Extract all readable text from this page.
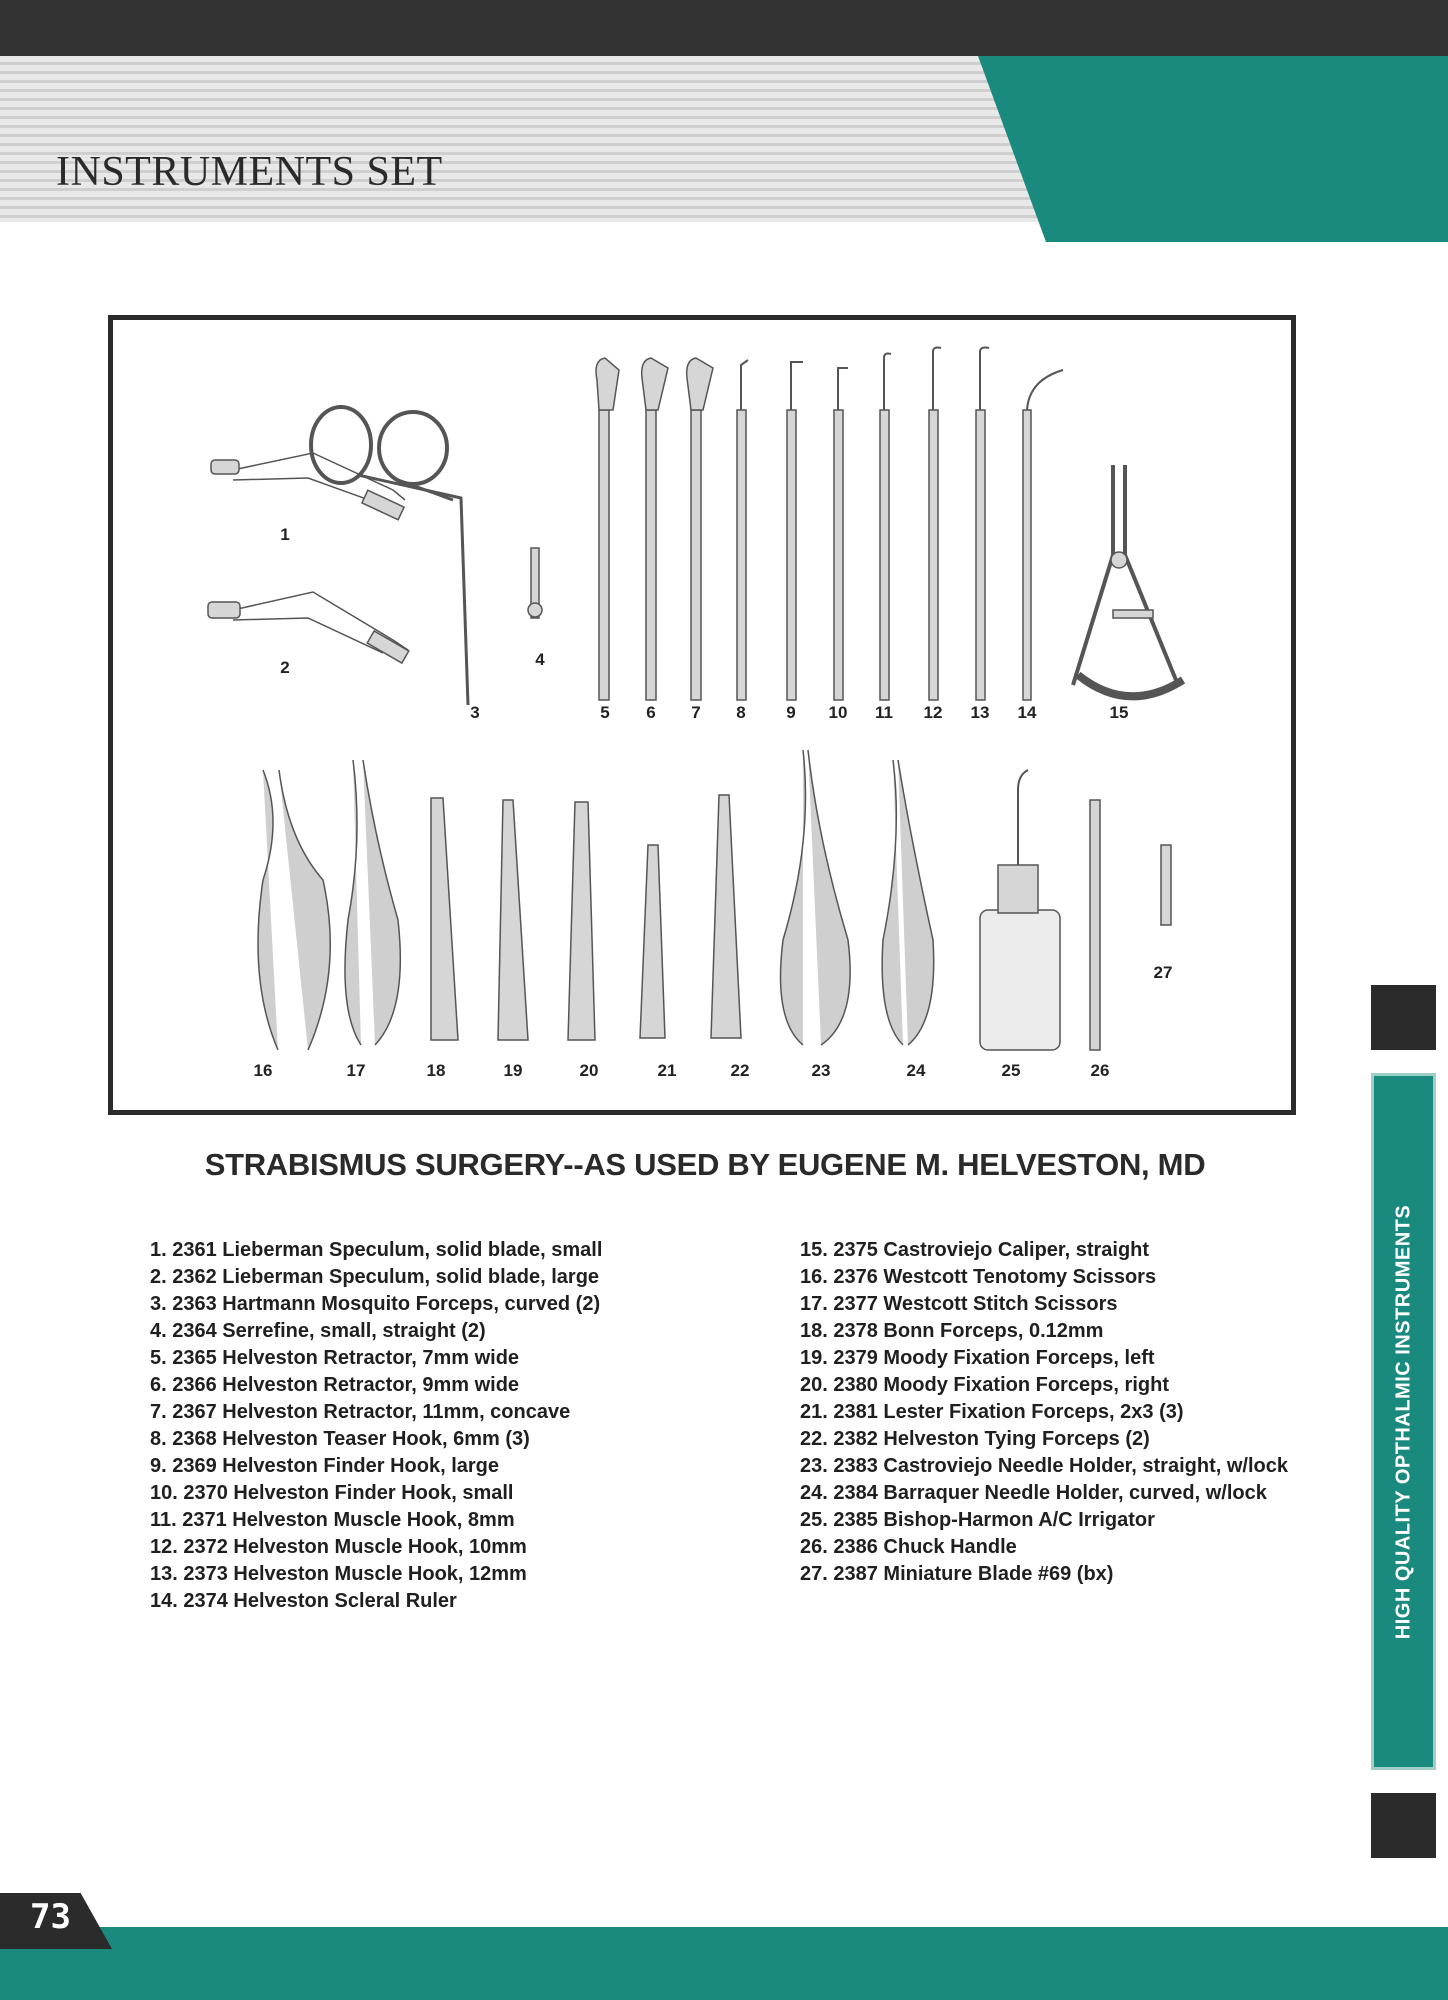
INSTRUMENTS SET
1
2
3
4
5 6 7 8 9 10 11 12 13 14	15
16	17	18	19	20	21	22	23	24	25	26
27
STRABISMUS SURGERY--AS USED BY EUGENE M. HELVESTON, MD
1. 2361 Lieberman Speculum, solid blade, small
2. 2362 Lieberman Speculum, solid blade, large
3. 2363 Hartmann Mosquito Forceps, curved (2)
4. 2364 Serrefine, small, straight (2)
5. 2365 Helveston Retractor, 7mm wide
6. 2366 Helveston Retractor, 9mm wide
7. 2367 Helveston Retractor, 11mm, concave
8. 2368 Helveston Teaser Hook, 6mm (3)
9. 2369 Helveston Finder Hook, large
10. 2370 Helveston Finder Hook, small
11. 2371 Helveston Muscle Hook, 8mm
12. 2372 Helveston Muscle Hook, 10mm
13. 2373 Helveston Muscle Hook, 12mm
14. 2374 Helveston Scleral Ruler
15. 2375 Castroviejo Caliper, straight
16. 2376 Westcott Tenotomy Scissors
17. 2377 Westcott Stitch Scissors
18. 2378 Bonn Forceps, 0.12mm
19. 2379 Moody Fixation Forceps, left
20. 2380 Moody Fixation Forceps, right
21. 2381 Lester Fixation Forceps, 2x3 (3)
22. 2382 Helveston Tying Forceps (2)
23. 2383 Castroviejo Needle Holder, straight, w/lock
24. 2384 Barraquer Needle Holder, curved, w/lock
25. 2385 Bishop-Harmon A/C Irrigator
26. 2386 Chuck Handle
27. 2387 Miniature Blade #69 (bx)	HIGH QUALITY OPTHALMIC INSTRUMENTS
73
